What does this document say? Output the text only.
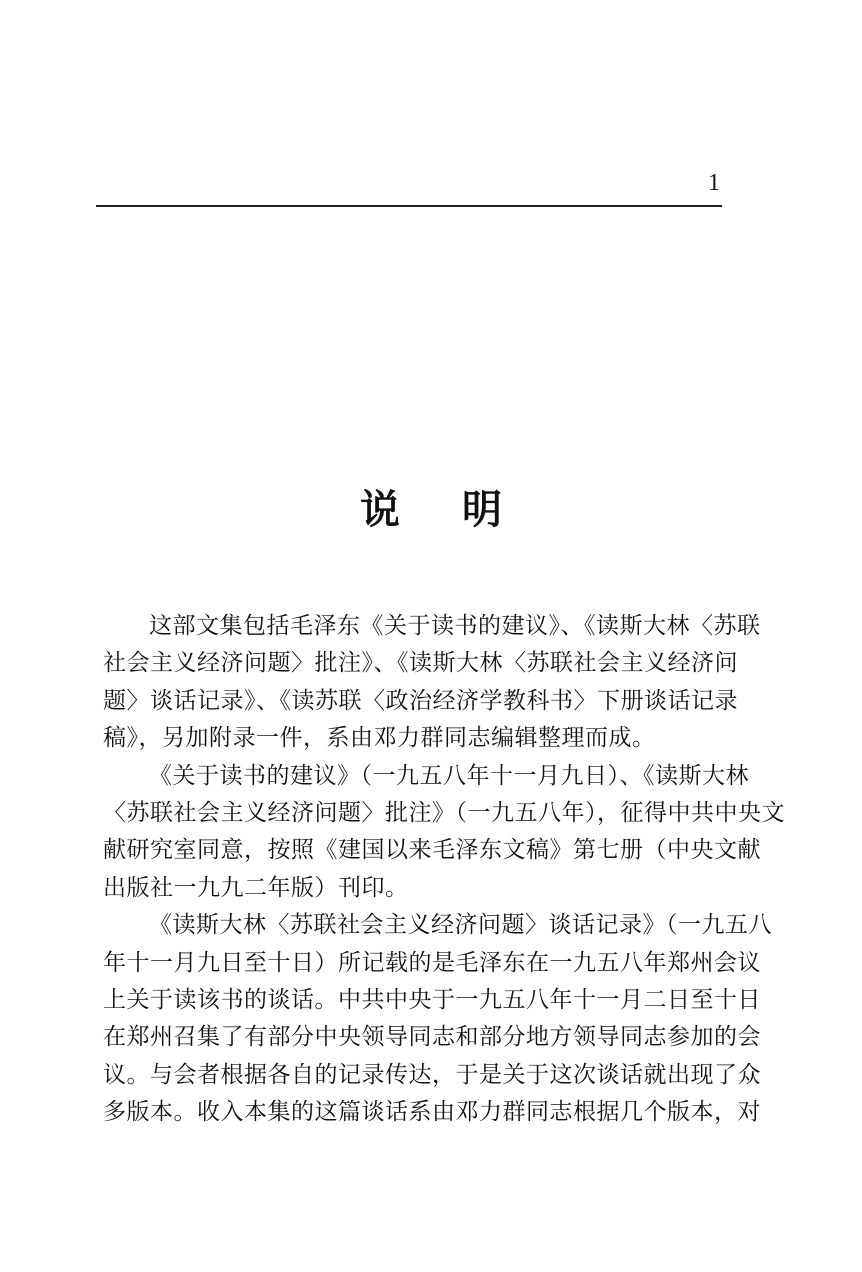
1
说明
这部文集包括毛泽东《关于读书的建议》、《读斯大林〈苏联
社会主义经济问题〉批注》、《读斯大林〈苏联社会主义经济问
题〉谈话记录》、《读苏联〈政治经济学教科书〉下册谈话记录
稿》，另加附录一件，系由邓力群同志编辑整理而成。
《关于读书的建议》（一九五八年十一月九日）、《读斯大林
〈苏联社会主义经济问题〉批注》（一九五八年），征得中共中央文
献研究室同意，按照《建国以来毛泽东文稿》第七册（中央文献
出版社一九九二年版）刊印。
《读斯大林〈苏联社会主义经济问题〉谈话记录》（一九五八
年十一月九日至十日）所记载的是毛泽东在一九五八年郑州会议
上关于读该书的谈话。中共中央于一九五八年十一月二日至十日
在郑州召集了有部分中央领导同志和部分地方领导同志参加的会
议。与会者根据各自的记录传达，于是关于这次谈话就出现了众
多版本。收入本集的这篇谈话系由邓力群同志根据几个版本，对
